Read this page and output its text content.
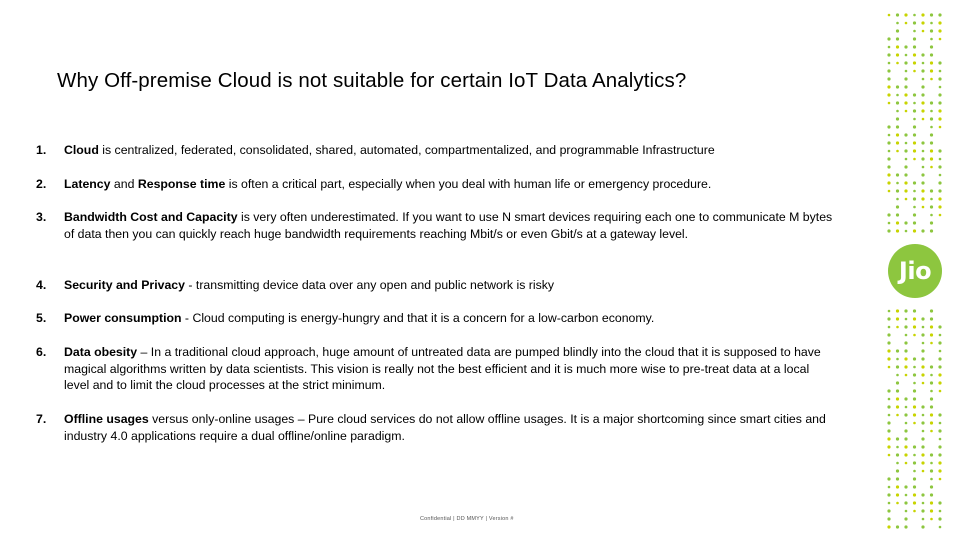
Why Off-premise Cloud is not suitable for certain IoT Data Analytics?
1.	Cloud is centralized, federated, consolidated, shared, automated, compartmentalized, and programmable Infrastructure
2.	Latency and Response time is often a critical part, especially when you deal with human life or emergency procedure.
3.	Bandwidth Cost and Capacity is very often underestimated. If you want to use N smart devices requiring each one to communicate M bytes of data then you can quickly reach huge bandwidth requirements reaching Mbit/s or even Gbit/s at a gateway level.
4.	Security and Privacy - transmitting device data over any open and public network is risky
5.	Power consumption - Cloud computing is energy-hungry and that it is a concern for a low-carbon economy.
6.	Data obesity – In a traditional cloud approach, huge amount of untreated data are pumped blindly into the cloud that it is supposed to have magical algorithms written by data scientists. This vision is really not the best efficient and it is much more wise to pre-treat data at a local level and to limit the cloud processes at the strict minimum.
7.	Offline usages versus only-online usages – Pure cloud services do not allow offline usages. It is a major shortcoming since smart cities and industry 4.0 applications require a dual offline/online paradigm.
Confidential | DD MMYY | Version #
Jio
